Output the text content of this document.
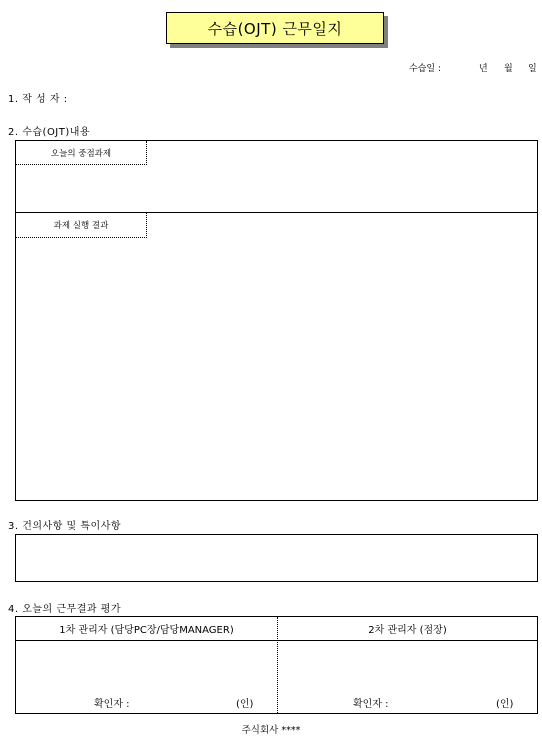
수습(OJT) 근무일지
수습일 :	년 월 일
1. 작 성 자 :
2. 수습(OJT)내용
오늘의 중점과제
과제 실행 결과
3. 건의사항 및 특이사항
4. 오늘의 근무결과 평가
1차 관리자 (담당PC장/담당MANAGER)	2차 관리자 (점장)
확인자 :	(인)	확인자 :	(인)
주식회사 ****
